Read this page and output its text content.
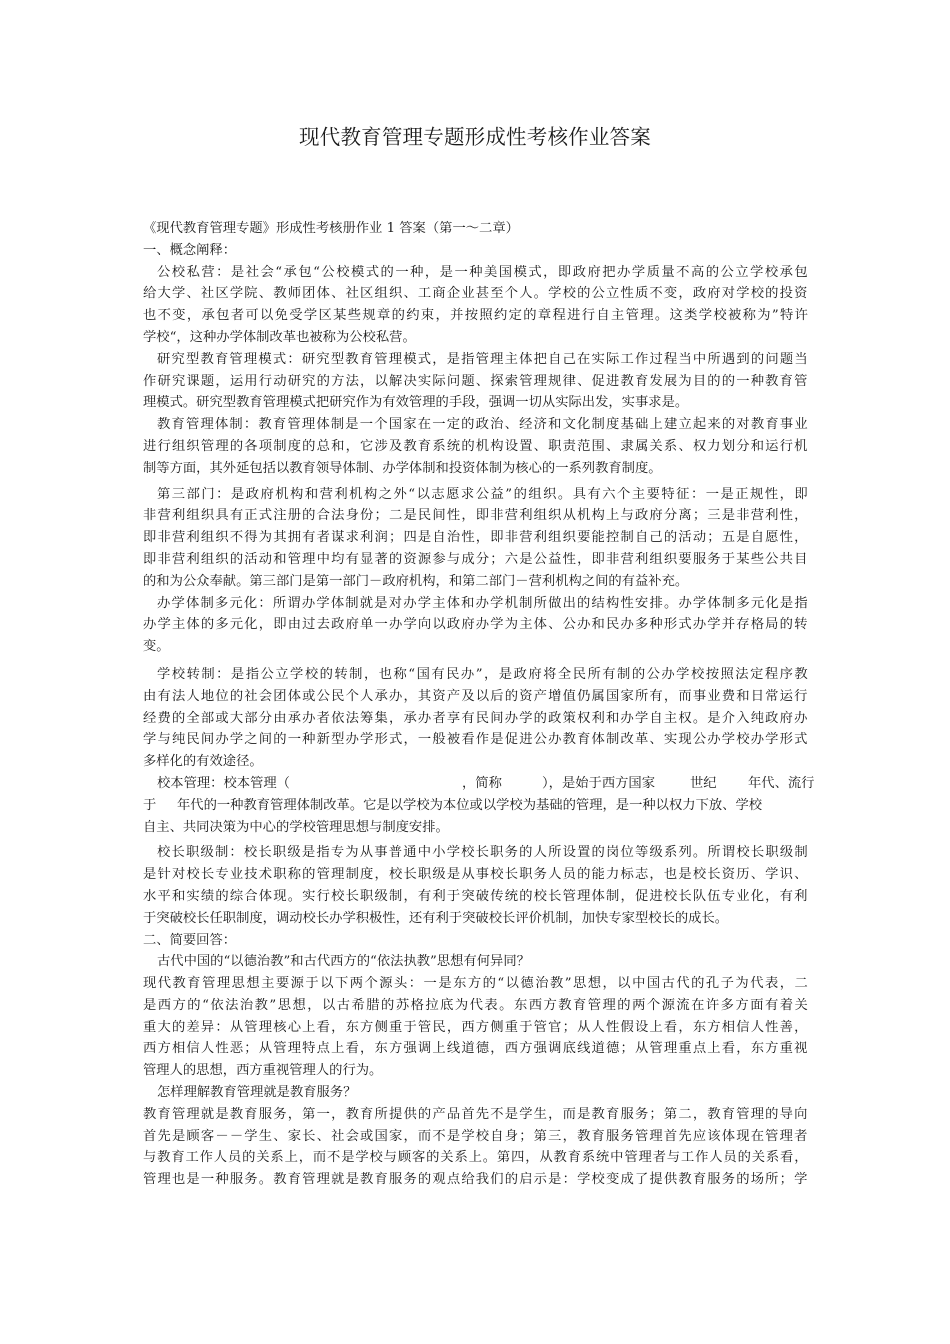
现代教育管理专题形成性考核作业答案
《现代教育管理专题》形成性考核册作业 1 答案（第一～二章）
一、概念阐释：
公 校 私 营 ： 是 社 会 “ 承 包 “ 公 校 模 式 的 一 种 ， 是 一 种 美 国 模 式 ， 即 政 府 把 办 学 质 量 不 高 的 公 立 学 校 承 包
给 大 学 、 社 区 学 院 、 教 师 团 体 、 社 区 组 织 、 工 商 企 业 甚 至 个 人 。 学 校 的 公 立 性 质 不 变 ， 政 府 对 学 校 的 投 资
也 不 变 ， 承 包 者 可 以 免 受 学 区 某 些 规 章 的 约 束 ， 并 按 照 约 定 的 章 程 进 行 自 主 管 理 。 这 类 学 校 被 称 为 ” 特 许
学校“，这种办学体制改革也被称为公校私营。
研 究 型 教 育 管 理 模 式 ： 研 究 型 教 育 管 理 模 式 ， 是 指 管 理 主 体 把 自 己 在 实 际 工 作 过 程 当 中 所 遇 到 的 问 题 当
作 研 究 课 题 ， 运 用 行 动 研 究 的 方 法 ， 以 解 决 实 际 问 题 、 探 索 管 理 规 律 、 促 进 教 育 发 展 为 目 的 的 一 种 教 育 管
理模式。研究型教育管理模式把研究作为有效管理的手段，强调一切从实际出发，实事求是。
教 育 管 理 体 制 ： 教 育 管 理 体 制 是 一 个 国 家 在 一 定 的 政 治 、 经 济 和 文 化 制 度 基 础 上 建 立 起 来 的 对 教 育 事 业
进 行 组 织 管 理 的 各 项 制 度 的 总 和 ， 它 涉 及 教 育 系 统 的 机 构 设 置 、 职 责 范 围 、 隶 属 关 系 、 权 力 划 分 和 运 行 机
制等方面，其外延包括以教育领导体制、办学体制和投资体制为核心的一系列教育制度。
第 三 部 门 ： 是 政 府 机 构 和 营 利 机 构 之 外 “ 以 志 愿 求 公 益 ” 的 组 织 。 具 有 六 个 主 要 特 征 ： 一 是 正 规 性 ， 即
非 营 利 组 织 具 有 正 式 注 册 的 合 法 身 份 ； 二 是 民 间 性 ， 即 非 营 利 组 织 从 机 构 上 与 政 府 分 离 ； 三 是 非 营 利 性 ，
即 非 营 利 组 织 不 得 为 其 拥 有 者 谋 求 利 润 ； 四 是 自 治 性 ， 即 非 营 利 组 织 要 能 控 制 自 己 的 活 动 ； 五 是 自 愿 性 ，
即 非 营 利 组 织 的 活 动 和 管 理 中 均 有 显 著 的 资 源 参 与 成 分 ； 六 是 公 益 性 ， 即 非 营 利 组 织 要 服 务 于 某 些 公 共 目
的和为公众奉献。第三部门是第一部门－政府机构，和第二部门－营利机构之间的有益补充。
办 学 体 制 多 元 化 ： 所 谓 办 学 体 制 就 是 对 办 学 主 体 和 办 学 机 制 所 做 出 的 结 构 性 安 排 。 办 学 体 制 多 元 化 是 指
办 学 主 体 的 多 元 化 ， 即 由 过 去 政 府 单 一 办 学 向 以 政 府 办 学 为 主 体 、 公 办 和 民 办 多 种 形 式 办 学 并 存 格 局 的 转
变。
学 校 转 制 ： 是 指 公 立 学 校 的 转 制 ， 也 称 “ 国 有 民 办 ” ， 是 政 府 将 全 民 所 有 制 的 公 办 学 校 按 照 法 定 程 序 教
由 有 法 人 地 位 的 社 会 团 体 或 公 民 个 人 承 办 ， 其 资 产 及 以 后 的 资 产 增 值 仍 属 国 家 所 有 ， 而 事 业 费 和 日 常 运 行
经 费 的 全 部 或 大 部 分 由 承 办 者 依 法 筹 集 ， 承 办 者 享 有 民 间 办 学 的 政 策 权 利 和 办 学 自 主 权 。 是 介 入 纯 政 府 办
学 与 纯 民 间 办 学 之 间 的 一 种 新 型 办 学 形 式 ， 一 般 被 看 作 是 促 进 公 办 教 育 体 制 改 革 、 实 现 公 办 学 校 办 学 形 式
多样化的有效途径。
校本管理：校本管理（	，简称	），是始于西方国家	世纪 年代、流行
于 年代的一种教育管理体制改革。它是以学校为本位或以学校为基础的管理，是一种以权力下放、学校
自主、共同决策为中心的学校管理思想与制度安排。
校 长 职 级 制 ： 校 长 职 级 是 指 专 为 从 事 普 通 中 小 学 校 长 职 务 的 人 所 设 置 的 岗 位 等 级 系 列 。 所 谓 校 长 职 级 制
是 针 对 校 长 专 业 技 术 职 称 的 管 理 制 度 ， 校 长 职 级 是 从 事 校 长 职 务 人 员 的 能 力 标 志 ， 也 是 校 长 资 历 、 学 识 、
水 平 和 实 绩 的 综 合 体 现 。 实 行 校 长 职 级 制 ， 有 利 于 突 破 传 统 的 校 长 管 理 体 制 ， 促 进 校 长 队 伍 专 业 化 ， 有 利
于突破校长任职制度，调动校长办学积极性，还有利于突破校长评价机制，加快专家型校长的成长。
二、简要回答：
古代中国的“以德治教”和古代西方的“依法执教”思想有何异同？
现 代 教 育 管 理 思 想 主 要 源 于 以 下 两 个 源 头 ： 一 是 东 方 的 “ 以 德 治 教 ” 思 想 ， 以 中 国 古 代 的 孔 子 为 代 表 ， 二
是 西 方 的 “ 依 法 治 教 ” 思 想 ， 以 古 希 腊 的 苏 格 拉 底 为 代 表 。 东 西 方 教 育 管 理 的 两 个 源 流 在 许 多 方 面 有 着 关
重 大 的 差 异 ： 从 管 理 核 心 上 看 ， 东 方 侧 重 于 管 民 ， 西 方 侧 重 于 管 官 ； 从 人 性 假 设 上 看 ， 东 方 相 信 人 性 善 ，
西 方 相 信 人 性 恶 ； 从 管 理 特 点 上 看 ， 东 方 强 调 上 线 道 德 ， 西 方 强 调 底 线 道 德 ； 从 管 理 重 点 上 看 ， 东 方 重 视
管理人的思想，西方重视管理人的行为。
怎样理解教育管理就是教育服务？
教 育 管 理 就 是 教 育 服 务 ， 第 一 ， 教 育 所 提 供 的 产 品 首 先 不 是 学 生 ， 而 是 教 育 服 务 ； 第 二 ， 教 育 管 理 的 导 向
首 先 是 顾 客 － － 学 生 、 家 长 、 社 会 或 国 家 ， 而 不 是 学 校 自 身 ； 第 三 ， 教 育 服 务 管 理 首 先 应 该 体 现 在 管 理 者
与 教 育 工 作 人 员 的 关 系 上 ， 而 不 是 学 校 与 顾 客 的 关 系 上 。 第 四 ， 从 教 育 系 统 中 管 理 者 与 工 作 人 员 的 关 系 看 ，
管 理 也 是 一 种 服 务 。 教 育 管 理 就 是 教 育 服 务 的 观 点 给 我 们 的 启 示 是 ： 学 校 变 成 了 提 供 教 育 服 务 的 场 所 ； 学
